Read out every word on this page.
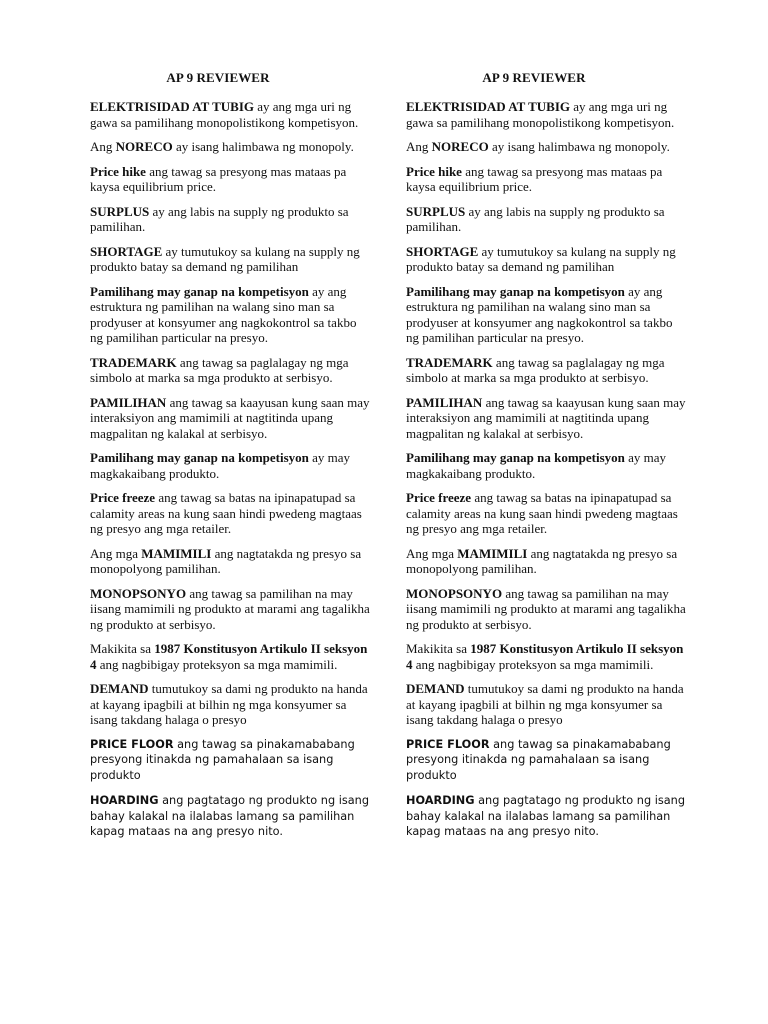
AP 9 REVIEWER

ELEKTRISIDAD AT TUBIG ay ang mga uri ng gawa sa pamilihang monopolistikong kompetisyon.

Ang NORECO ay isang halimbawa ng monopoly.

Price hike ang tawag sa presyong mas mataas pa kaysa equilibrium price.

SURPLUS ay ang labis na supply ng produkto sa pamilihan.

SHORTAGE ay tumutukoy sa kulang na supply ng produkto batay sa demand ng pamilihan

Pamilihang may ganap na kompetisyon ay ang estruktura ng pamilihan na walang sino man sa prodyuser at konsyumer ang nagkokontrol sa takbo ng pamilihan particular na presyo.

TRADEMARK ang tawag sa paglalagay ng mga simbolo at marka sa mga produkto at serbisyo.

PAMILIHAN ang tawag sa kaayusan kung saan may interaksiyon ang mamimili at nagtitinda upang magpalitan ng kalakal at serbisyo.

Pamilihang may ganap na kompetisyon ay may magkakaibang produkto.

Price freeze ang tawag sa batas na ipinapatupad sa calamity areas na kung saan hindi pwedeng magtaas ng presyo ang mga retailer.

Ang mga MAMIMILI ang nagtatakda ng presyo sa monopolyong pamilihan.

MONOPSONYO ang tawag sa pamilihan na may iisang mamimili ng produkto at marami ang tagalikha ng produkto at serbisyo.

Makikita sa 1987 Konstitusyon Artikulo II seksyon 4 ang nagbibigay proteksyon sa mga mamimili.

DEMAND tumutukoy sa dami ng produkto na handa at kayang ipagbili at bilhin ng mga konsyumer sa isang takdang halaga o presyo

PRICE FLOOR ang tawag sa pinakamababang presyong itinakda ng pamahalaan sa isang produkto

HOARDING ang pagtatago ng produkto ng isang bahay kalakal na ilalabas lamang sa pamilihan kapag mataas na ang presyo nito.

AP 9 REVIEWER

ELEKTRISIDAD AT TUBIG ay ang mga uri ng gawa sa pamilihang monopolistikong kompetisyon.

Ang NORECO ay isang halimbawa ng monopoly.

Price hike ang tawag sa presyong mas mataas pa kaysa equilibrium price.

SURPLUS ay ang labis na supply ng produkto sa pamilihan.

SHORTAGE ay tumutukoy sa kulang na supply ng produkto batay sa demand ng pamilihan

Pamilihang may ganap na kompetisyon ay ang estruktura ng pamilihan na walang sino man sa prodyuser at konsyumer ang nagkokontrol sa takbo ng pamilihan particular na presyo.

TRADEMARK ang tawag sa paglalagay ng mga simbolo at marka sa mga produkto at serbisyo.

PAMILIHAN ang tawag sa kaayusan kung saan may interaksiyon ang mamimili at nagtitinda upang magpalitan ng kalakal at serbisyo.

Pamilihang may ganap na kompetisyon ay may magkakaibang produkto.

Price freeze ang tawag sa batas na ipinapatupad sa calamity areas na kung saan hindi pwedeng magtaas ng presyo ang mga retailer.

Ang mga MAMIMILI ang nagtatakda ng presyo sa monopolyong pamilihan.

MONOPSONYO ang tawag sa pamilihan na may iisang mamimili ng produkto at marami ang tagalikha ng produkto at serbisyo.

Makikita sa 1987 Konstitusyon Artikulo II seksyon 4 ang nagbibigay proteksyon sa mga mamimili.

DEMAND tumutukoy sa dami ng produkto na handa at kayang ipagbili at bilhin ng mga konsyumer sa isang takdang halaga o presyo

PRICE FLOOR ang tawag sa pinakamababang presyong itinakda ng pamahalaan sa isang produkto

HOARDING ang pagtatago ng produkto ng isang bahay kalakal na ilalabas lamang sa pamilihan kapag mataas na ang presyo nito.
